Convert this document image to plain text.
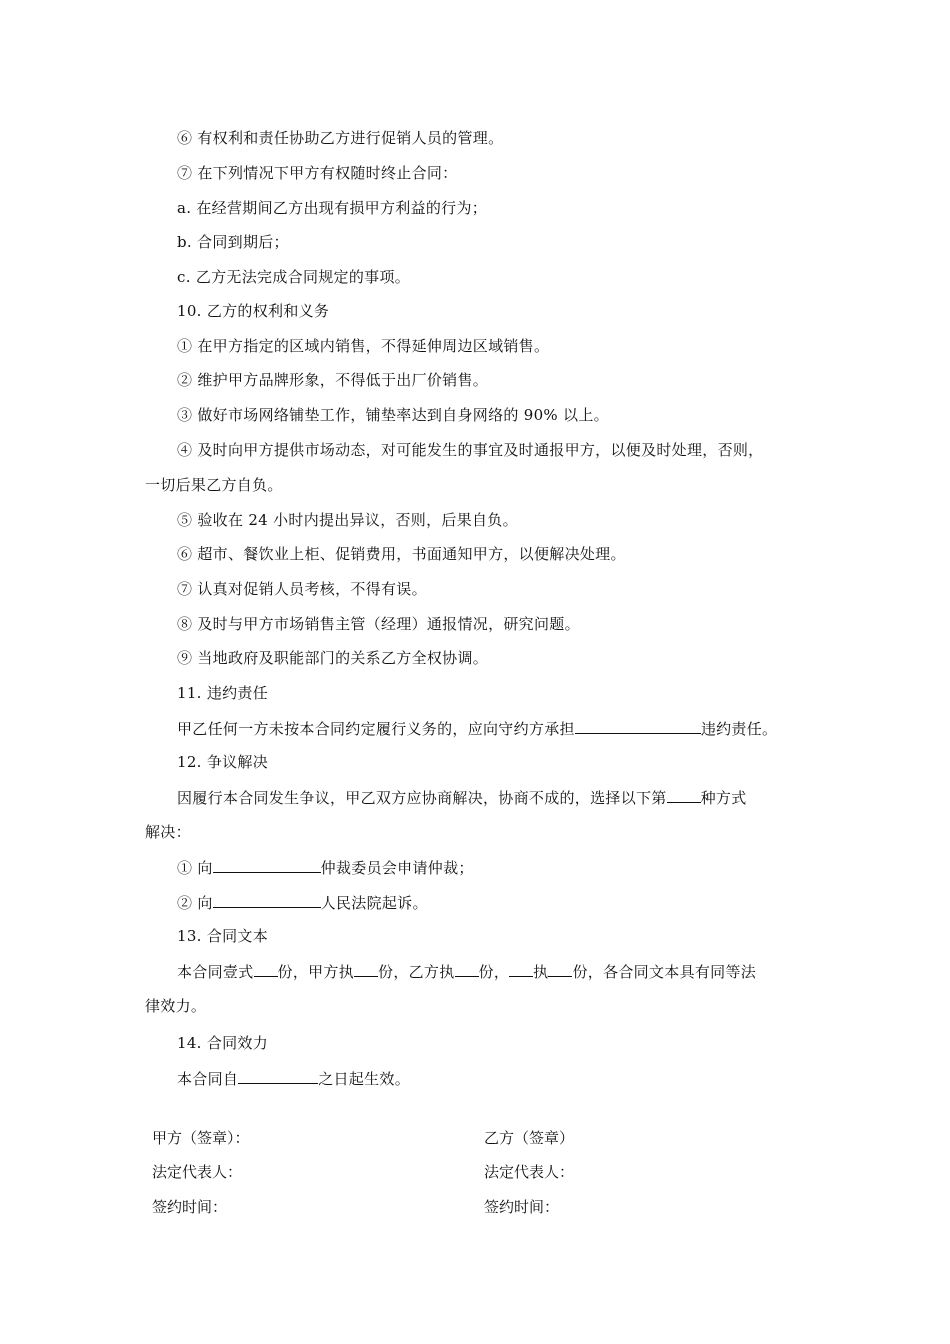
⑥ 有权利和责任协助乙方进行促销人员的管理。
⑦ 在下列情况下甲方有权随时终止合同：
a. 在经营期间乙方出现有损甲方利益的行为；
b. 合同到期后；
c. 乙方无法完成合同规定的事项。
10. 乙方的权利和义务
① 在甲方指定的区域内销售，不得延伸周边区域销售。
② 维护甲方品牌形象，不得低于出厂价销售。
③ 做好市场网络铺垫工作，铺垫率达到自身网络的 90% 以上。
④ 及时向甲方提供市场动态，对可能发生的事宜及时通报甲方，以便及时处理，否则，
一切后果乙方自负。
⑤ 验收在 24 小时内提出异议，否则，后果自负。
⑥ 超市、餐饮业上柜、促销费用，书面通知甲方，以便解决处理。
⑦ 认真对促销人员考核，不得有误。
⑧ 及时与甲方市场销售主管（经理）通报情况，研究问题。
⑨ 当地政府及职能部门的关系乙方全权协调。
11. 违约责任
甲乙任何一方未按本合同约定履行义务的，应向守约方承担	违约责任。
12. 争议解决
因履行本合同发生争议，甲乙双方应协商解决，协商不成的，选择以下第 种方式
解决：
① 向	仲裁委员会申请仲裁；
② 向	人民法院起诉。
13. 合同文本
本合同壹式 份，甲方执 份，乙方执 份， 执 份，各合同文本具有同等法
律效力。
14. 合同效力
本合同自	之日起生效。
甲方（签章）：	乙方（签章）
法定代表人：	法定代表人：
签约时间：	签约时间：
